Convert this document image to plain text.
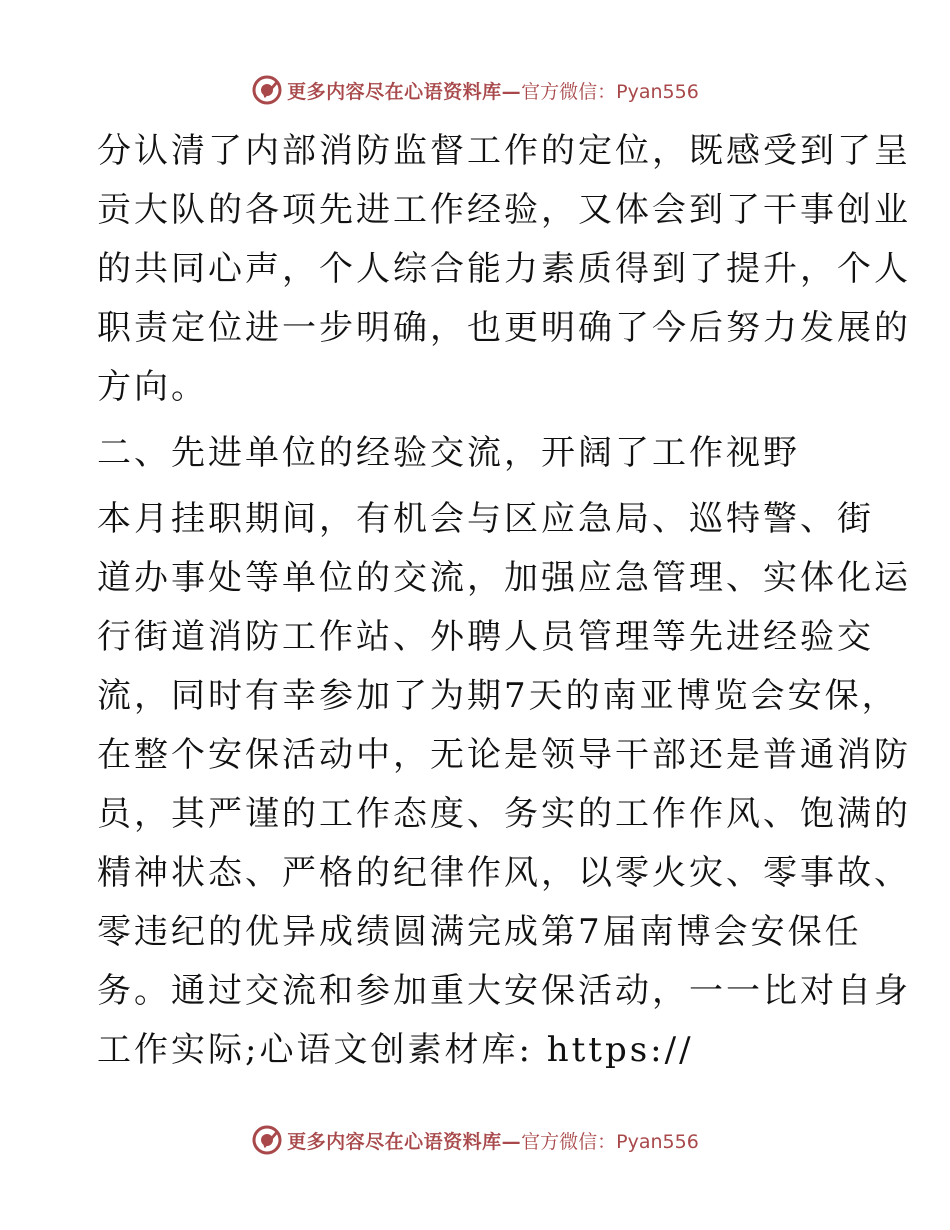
更多内容尽在心语资料库— 官方微信：Pyan556
分认清了内部消防监督工作的定位，既感受到了呈
贡大队的各项先进工作经验，又体会到了干事创业
的共同心声，个人综合能力素质得到了提升，个人
职责定位进一步明确，也更明确了今后努力发展的
方向。
二、先进单位的经验交流，开阔了工作视野
本月挂职期间，有机会与区应急局、巡特警、街
道办事处等单位的交流，加强应急管理、实体化运
行街道消防工作站、外聘人员管理等先进经验交
流，同时有幸参加了为期7天的南亚博览会安保，
在整个安保活动中，无论是领导干部还是普通消防
员，其严谨的工作态度、务实的工作作风、饱满的
精神状态、严格的纪律作风，以零火灾、零事故、
零违纪的优异成绩圆满完成第7届南博会安保任
务。通过交流和参加重大安保活动，一一比对自身
工作实际;心语文创素材库: https://
更多内容尽在心语资料库— 官方微信：Pyan556
